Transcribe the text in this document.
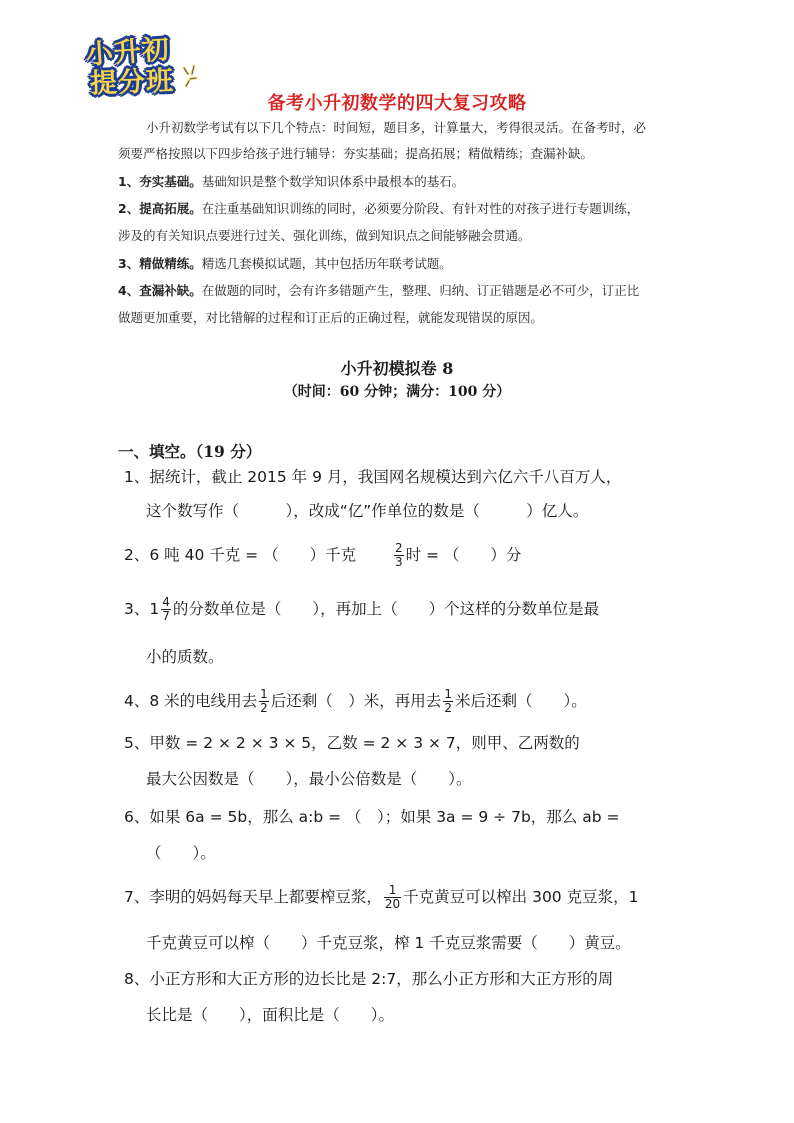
小升初
提分班
备考小升初数学的四大复习攻略
小升初数学考试有以下几个特点：时间短，题目多，计算量大，考得很灵活。在备考时，必
须要严格按照以下四步给孩子进行辅导：夯实基础；提高拓展；精做精练；查漏补缺。
1、夯实基础。基础知识是整个数学知识体系中最根本的基石。
2、提高拓展。在注重基础知识训练的同时，必须要分阶段、有针对性的对孩子进行专题训练，
涉及的有关知识点要进行过关、强化训练，做到知识点之间能够融会贯通。
3、精做精练。精选几套模拟试题，其中包括历年联考试题。
4、查漏补缺。在做题的同时，会有许多错题产生，整理、归纳、订正错题是必不可少，订正比
做题更加重要，对比错解的过程和订正后的正确过程，就能发现错误的原因。
小升初模拟卷 8
（时间：60 分钟；满分：100 分）
一、填空。（19 分）
1、据统计，截止 2015 年 9 月，我国网名规模达到六亿六千八百万人，
这个数写作（　　　），改成“亿”作单位的数是（　　　）亿人。
2、6 吨 40 千克 = （　　）千克	$\frac{2}{3}$ 时 = （　　）分
3、$1 \frac{4}{7}$ 的分数单位是（　　），再加上（　　）个这样的分数单位是最
小的质数。
4、8 米的电线用去 $\frac{1}{2}$ 后还剩（　）米，再用去 $\frac{1}{2}$ 米后还剩（　　）。
5、甲数 = 2 × 2 × 3 × 5，乙数 = 2 × 3 × 7，则甲、乙两数的
最大公因数是（　　），最小公倍数是（　　）。
6、如果 6a = 5b，那么 a:b = （　）；如果 3a = 9 ÷ 7b，那么 ab =
（　　）。
7、李明的妈妈每天早上都要榨豆浆， $\frac{1}{20}$ 千克黄豆可以榨出 300 克豆浆，1
千克黄豆可以榨（　　）千克豆浆，榨 1 千克豆浆需要（　　）黄豆。
8、小正方形和大正方形的边长比是 2:7，那么小正方形和大正方形的周
长比是（　　），面积比是（　　）。
